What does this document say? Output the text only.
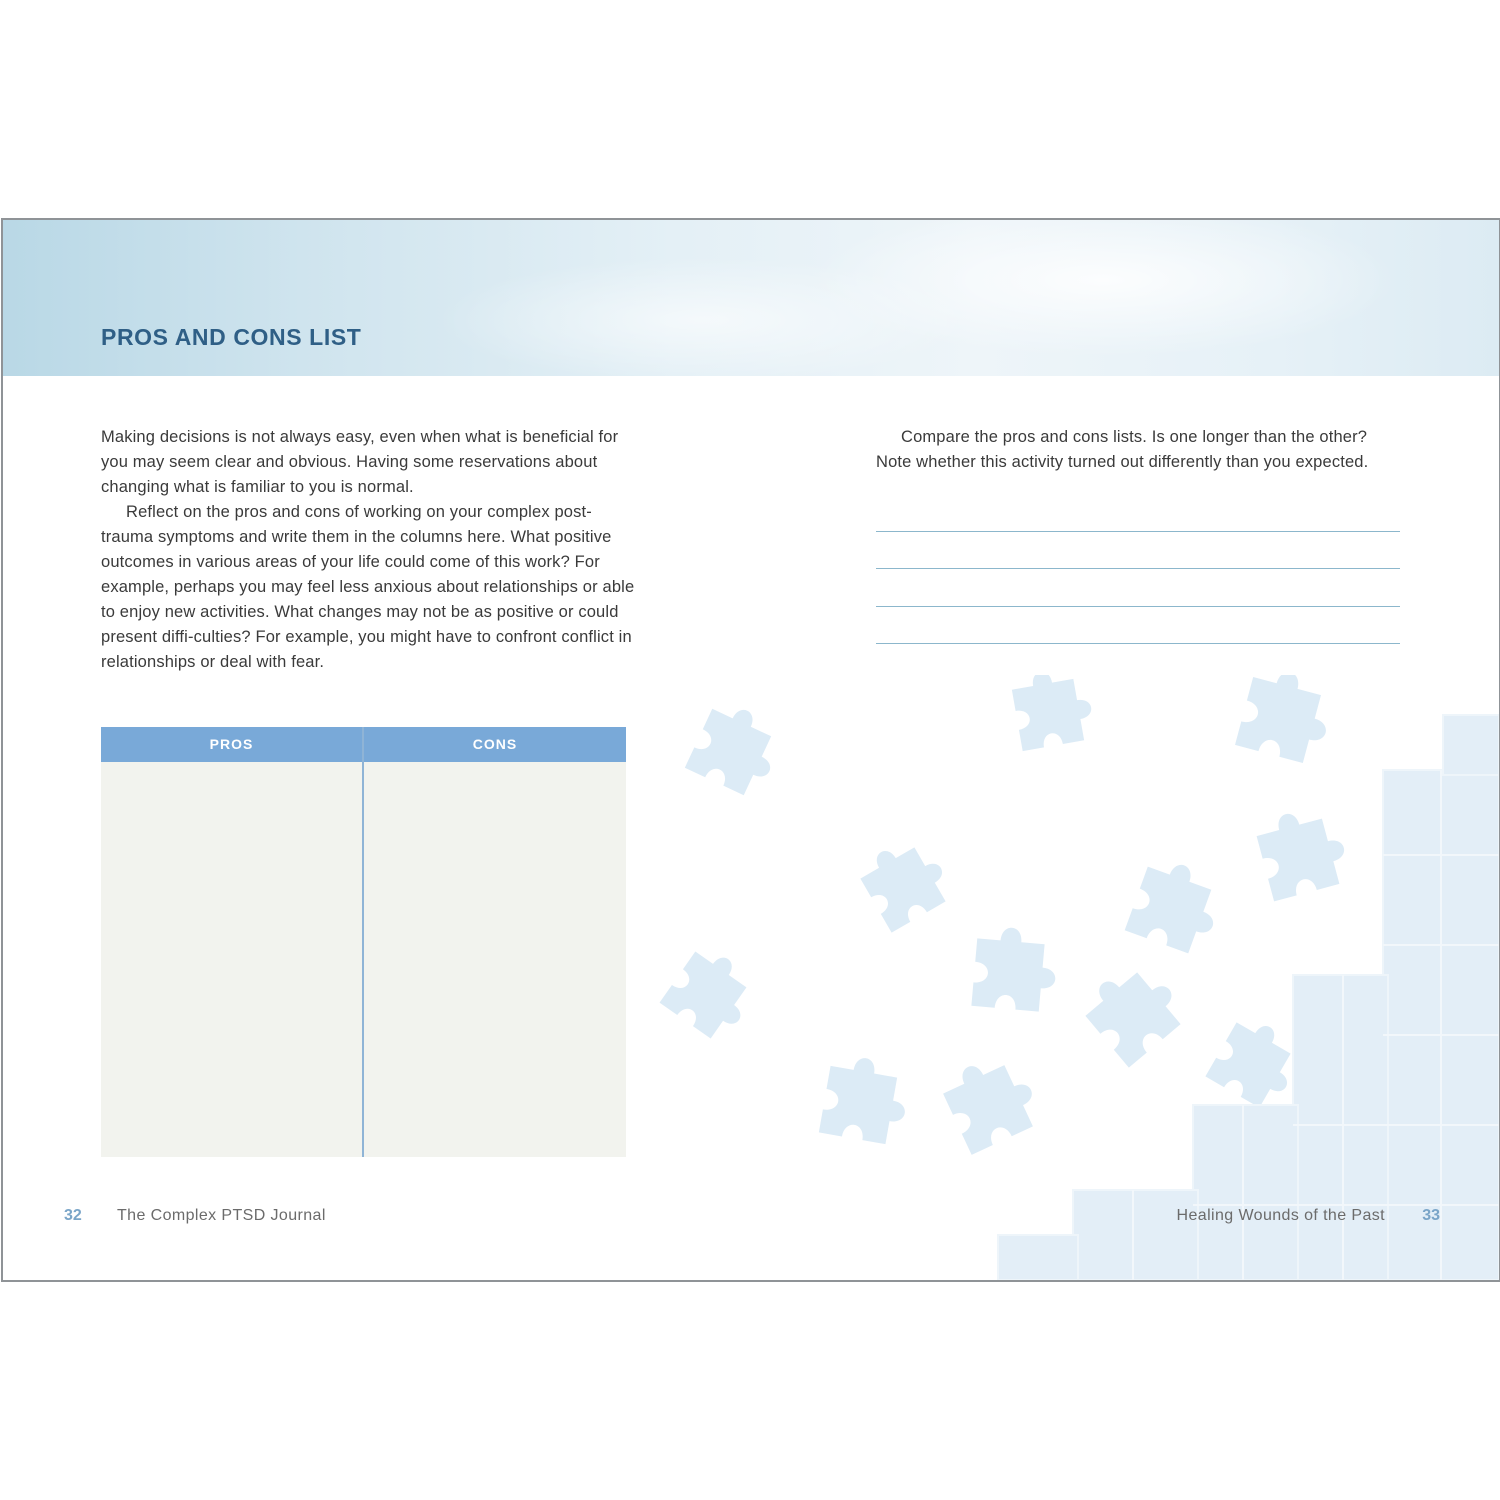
PROS AND CONS LIST

Making decisions is not always easy, even when what is beneficial for you may seem clear and obvious. Having some reservations about changing what is familiar to you is normal.

Reflect on the pros and cons of working on your complex post-trauma symptoms and write them in the columns here. What positive outcomes in various areas of your life could come of this work? For example, perhaps you may feel less anxious about relationships or able to enjoy new activities. What changes may not be as positive or could present diffi-culties? For example, you might have to confront conflict in relationships or deal with fear.

PROS	CONS

Compare the pros and cons lists. Is one longer than the other? Note whether this activity turned out differently than you expected.

32 The Complex PTSD Journal	Healing Wounds of the Past 33
